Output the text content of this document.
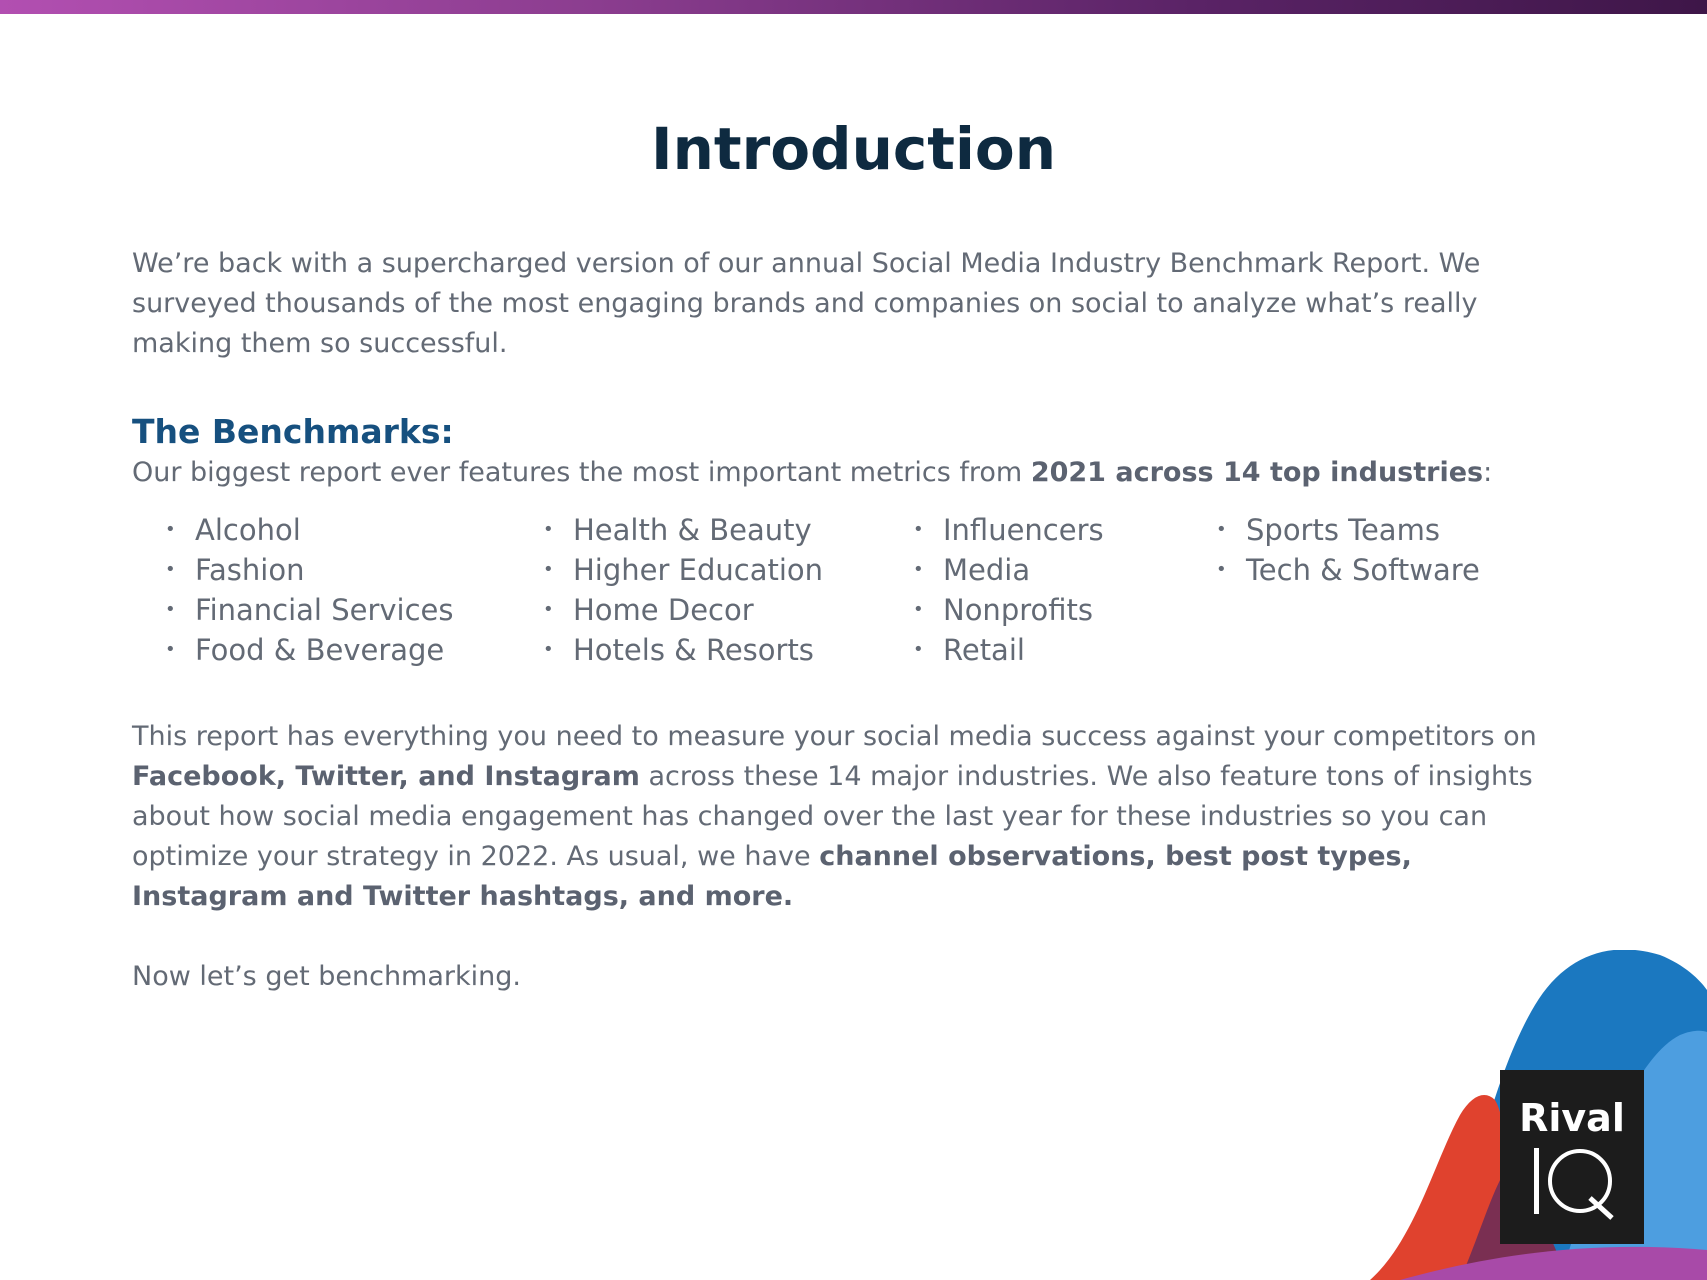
Introduction

We’re back with a supercharged version of our annual Social Media Industry Benchmark Report. We surveyed thousands of the most engaging brands and companies on social to analyze what’s really making them so successful.

The Benchmarks:

Our biggest report ever features the most important metrics from 2021 across 14 top industries:

• Alcohol
• Fashion
• Financial Services
• Food & Beverage
• Health & Beauty
• Higher Education
• Home Decor
• Hotels & Resorts
• Influencers
• Media
• Nonprofits
• Retail
• Sports Teams
• Tech & Software

This report has everything you need to measure your social media success against your competitors on Facebook, Twitter, and Instagram across these 14 major industries. We also feature tons of insights about how social media engagement has changed over the last year for these industries so you can optimize your strategy in 2022. As usual, we have channel observations, best post types, Instagram and Twitter hashtags, and more.

Now let’s get benchmarking.

Rival
IQ
